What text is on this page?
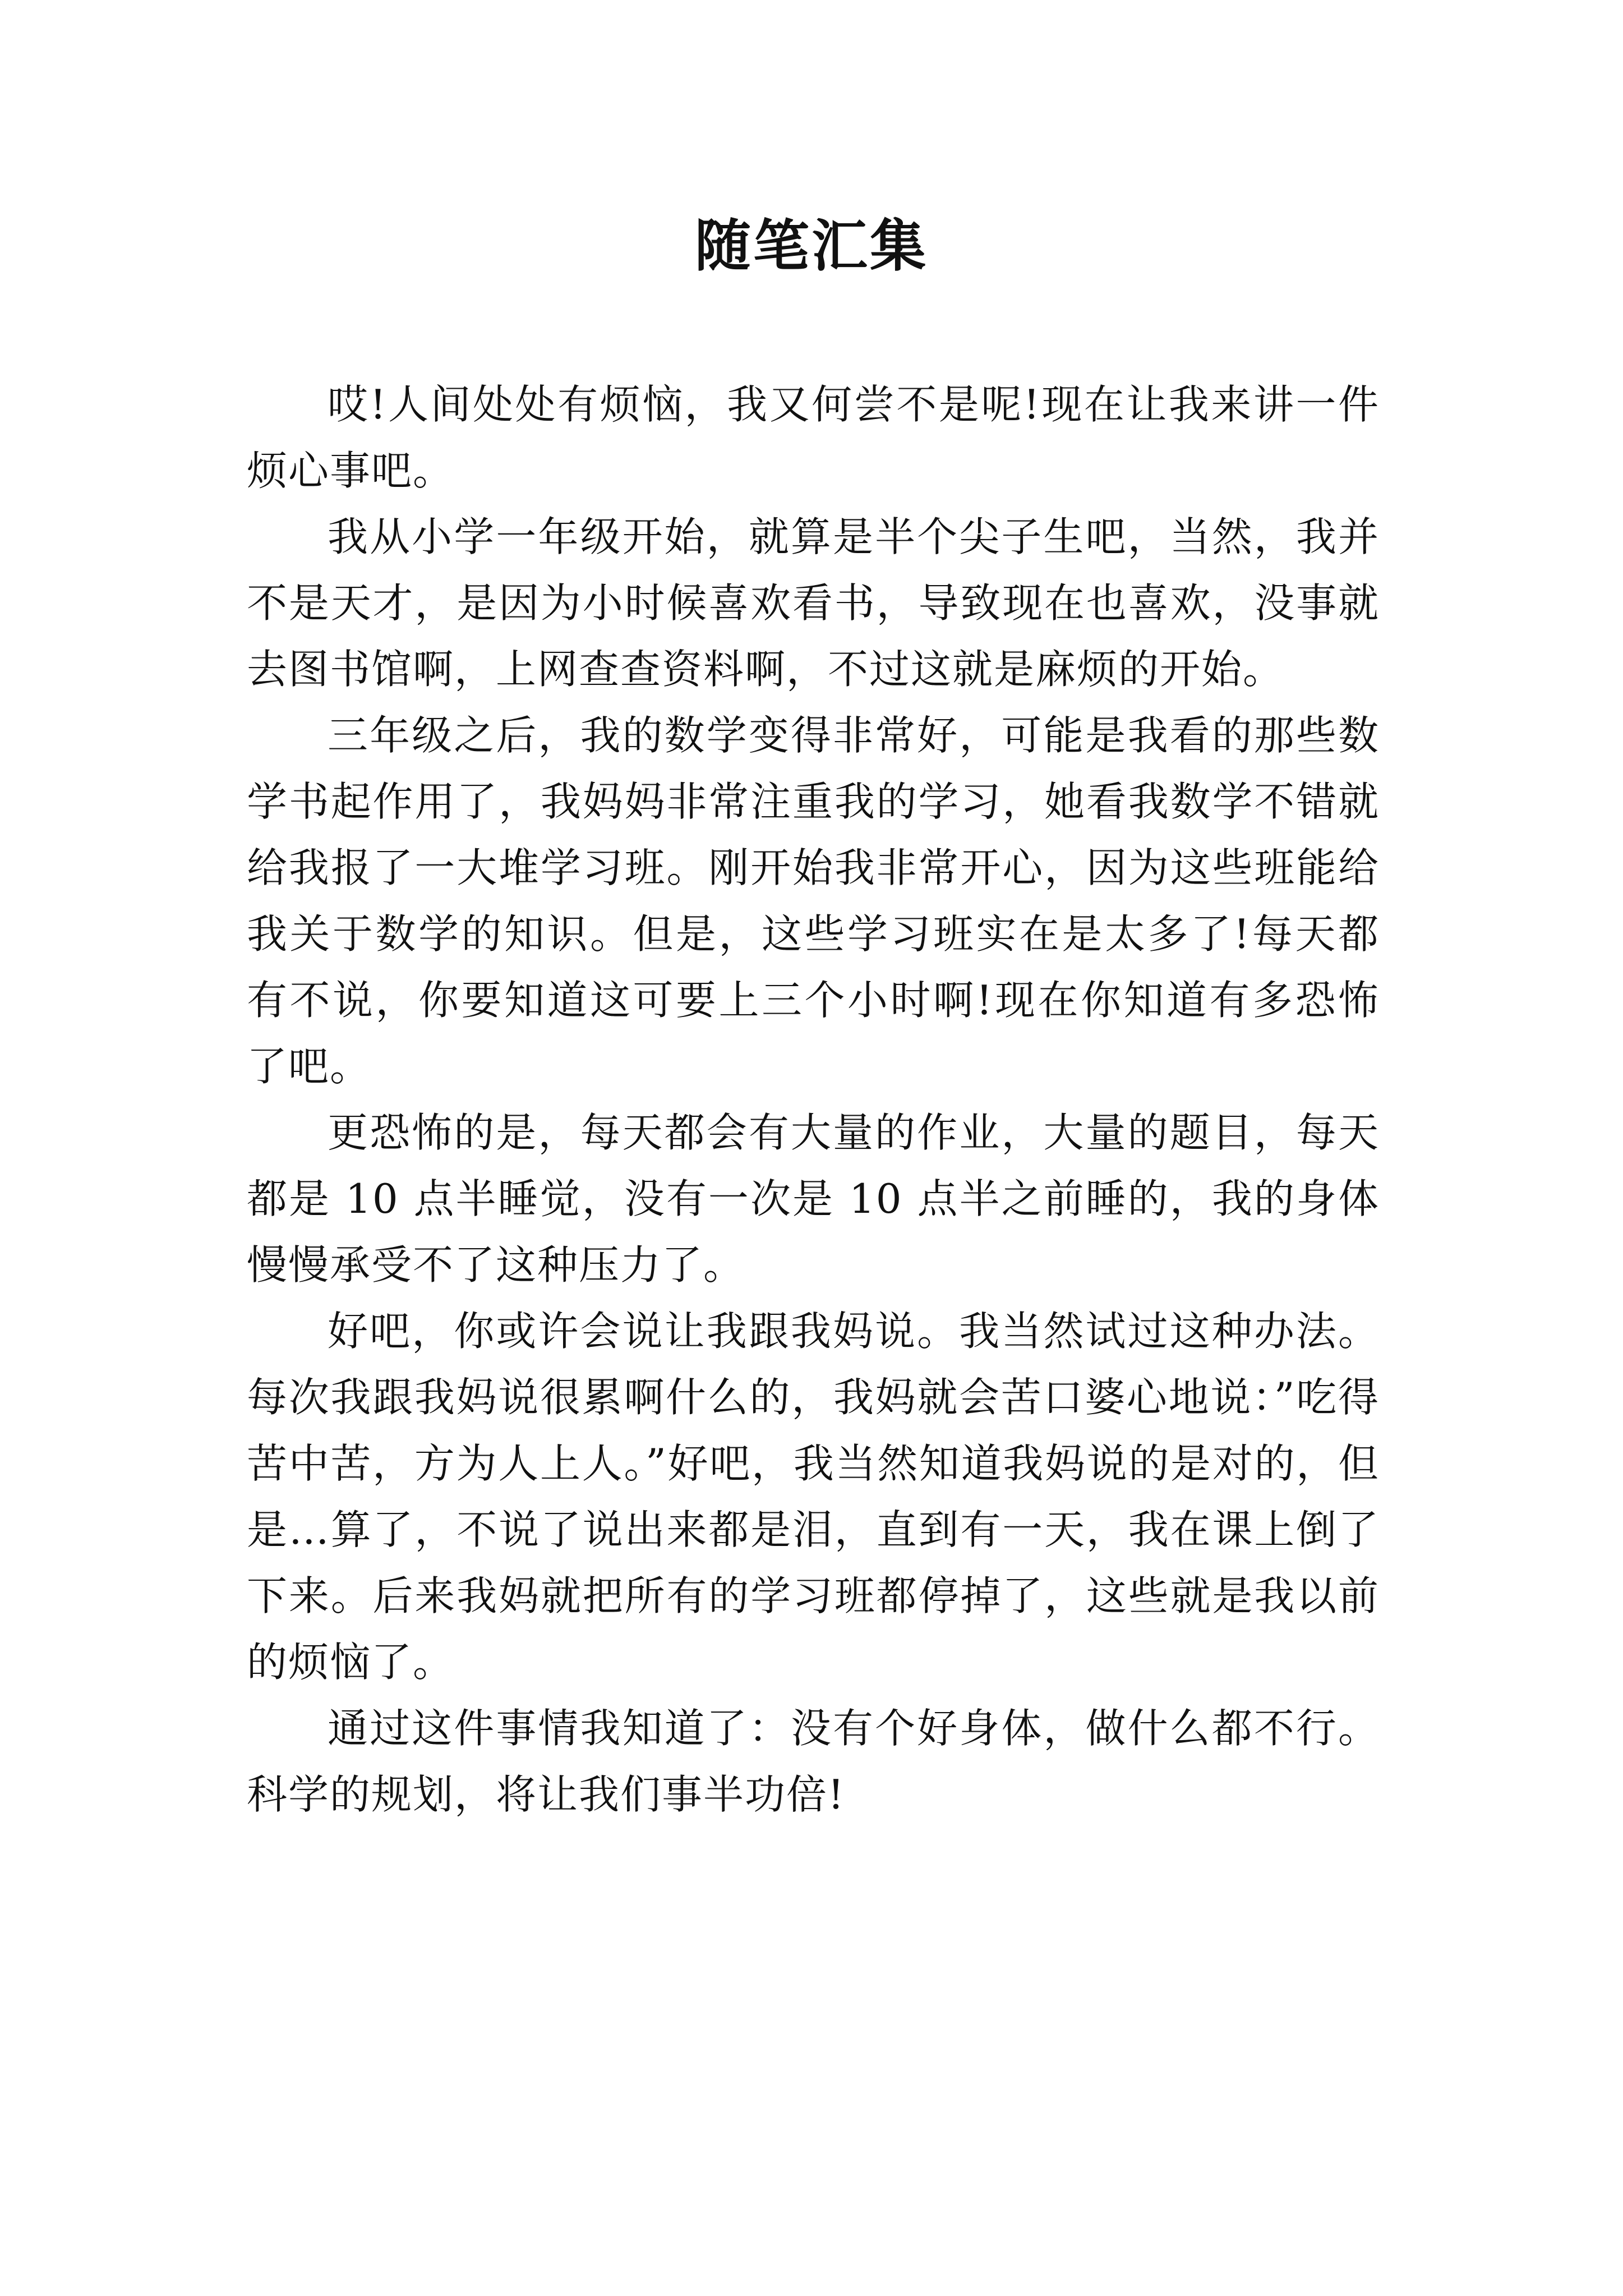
随笔汇集

哎!人间处处有烦恼，我又何尝不是呢!现在让我来讲一件烦心事吧。

我从小学一年级开始，就算是半个尖子生吧，当然，我并不是天才，是因为小时候喜欢看书，导致现在也喜欢，没事就去图书馆啊，上网查查资料啊，不过这就是麻烦的开始。

三年级之后，我的数学变得非常好，可能是我看的那些数学书起作用了，我妈妈非常注重我的学习，她看我数学不错就给我报了一大堆学习班。刚开始我非常开心，因为这些班能给我关于数学的知识。但是，这些学习班实在是太多了!每天都有不说，你要知道这可要上三个小时啊!现在你知道有多恐怖了吧。

更恐怖的是，每天都会有大量的作业，大量的题目，每天都是 10 点半睡觉，没有一次是 10 点半之前睡的，我的身体慢慢承受不了这种压力了。

好吧，你或许会说让我跟我妈说。我当然试过这种办法。每次我跟我妈说很累啊什么的，我妈就会苦口婆心地说：”吃得苦中苦，方为人上人。”好吧，我当然知道我妈说的是对的，但是…算了，不说了说出来都是泪，直到有一天，我在课上倒了下来。后来我妈就把所有的学习班都停掉了，这些就是我以前的烦恼了。

通过这件事情我知道了：没有个好身体，做什么都不行。科学的规划，将让我们事半功倍!
